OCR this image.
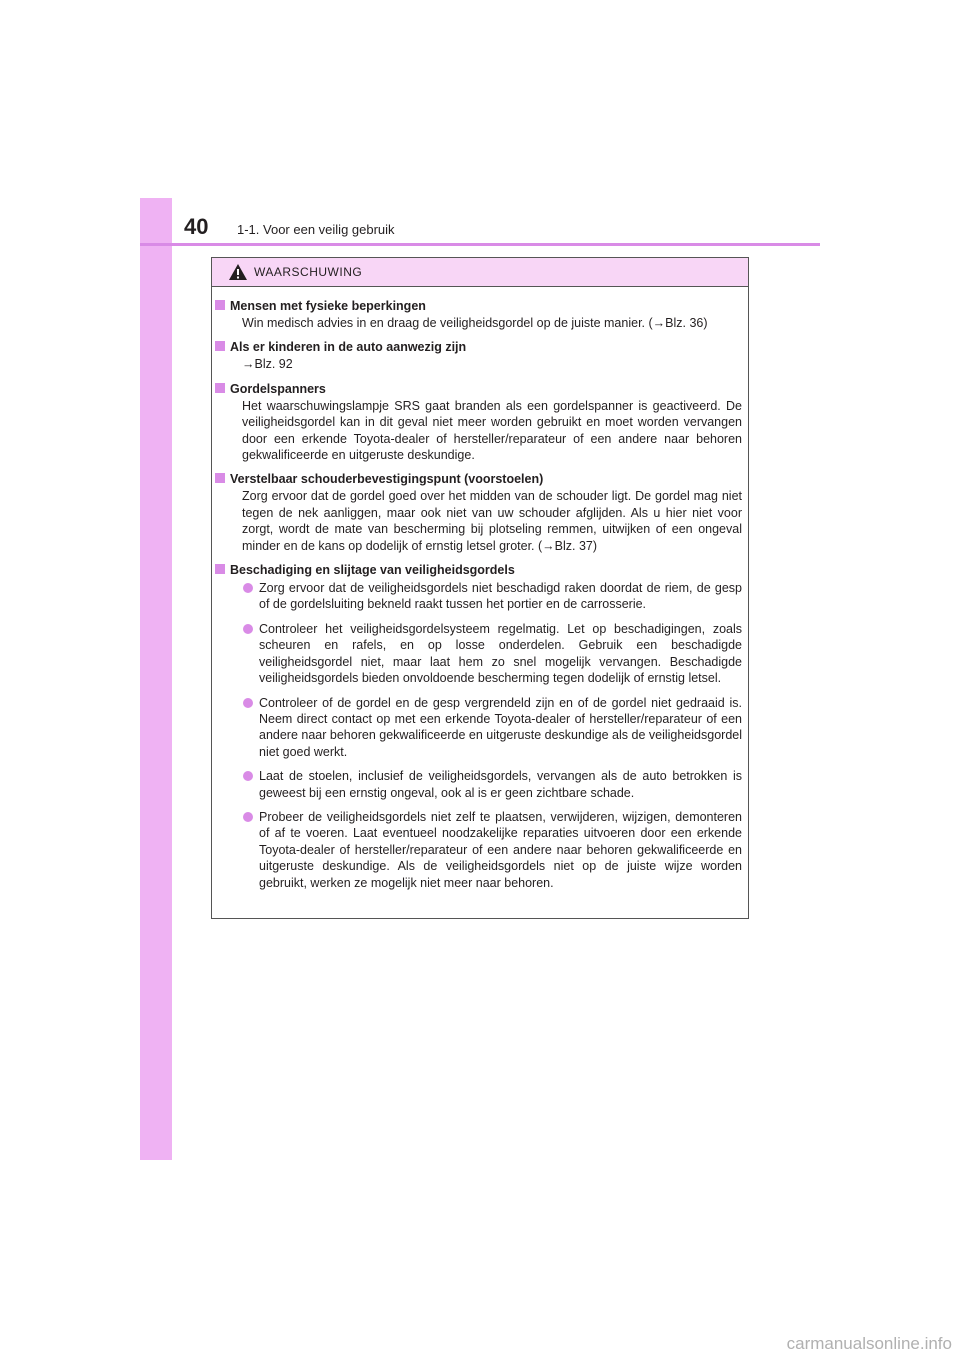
40 1-1. Voor een veilig gebruik
WAARSCHUWING
Mensen met fysieke beperkingen
Win medisch advies in en draag de veiligheidsgordel op de juiste manier. (→Blz. 36)
Als er kinderen in de auto aanwezig zijn
→Blz. 92
Gordelspanners
Het waarschuwingslampje SRS gaat branden als een gordelspanner is geactiveerd. De veiligheidsgordel kan in dit geval niet meer worden gebruikt en moet worden vervangen door een erkende Toyota-dealer of hersteller/reparateur of een andere naar behoren gekwalificeerde en uitgeruste deskundige.
Verstelbaar schouderbevestigingspunt (voorstoelen)
Zorg ervoor dat de gordel goed over het midden van de schouder ligt. De gordel mag niet tegen de nek aanliggen, maar ook niet van uw schouder afglijden. Als u hier niet voor zorgt, wordt de mate van bescherming bij plotseling remmen, uitwijken of een ongeval minder en de kans op dodelijk of ernstig letsel groter. (→Blz. 37)
Beschadiging en slijtage van veiligheidsgordels
Zorg ervoor dat de veiligheidsgordels niet beschadigd raken doordat de riem, de gesp of de gordelsluiting bekneld raakt tussen het portier en de carrosserie.
Controleer het veiligheidsgordelsysteem regelmatig. Let op beschadigingen, zoals scheuren en rafels, en op losse onderdelen. Gebruik een beschadigde veiligheidsgordel niet, maar laat hem zo snel mogelijk vervangen. Beschadigde veiligheidsgordels bieden onvoldoende bescherming tegen dodelijk of ernstig letsel.
Controleer of de gordel en de gesp vergrendeld zijn en of de gordel niet gedraaid is. Neem direct contact op met een erkende Toyota-dealer of hersteller/reparateur of een andere naar behoren gekwalificeerde en uitgeruste deskundige als de veiligheidsgordel niet goed werkt.
Laat de stoelen, inclusief de veiligheidsgordels, vervangen als de auto betrokken is geweest bij een ernstig ongeval, ook al is er geen zichtbare schade.
Probeer de veiligheidsgordels niet zelf te plaatsen, verwijderen, wijzigen, demonteren of af te voeren. Laat eventueel noodzakelijke reparaties uitvoeren door een erkende Toyota-dealer of hersteller/reparateur of een andere naar behoren gekwalificeerde en uitgeruste deskundige. Als de veiligheidsgordels niet op de juiste wijze worden gebruikt, werken ze mogelijk niet meer naar behoren.
carmanualsonline.info
